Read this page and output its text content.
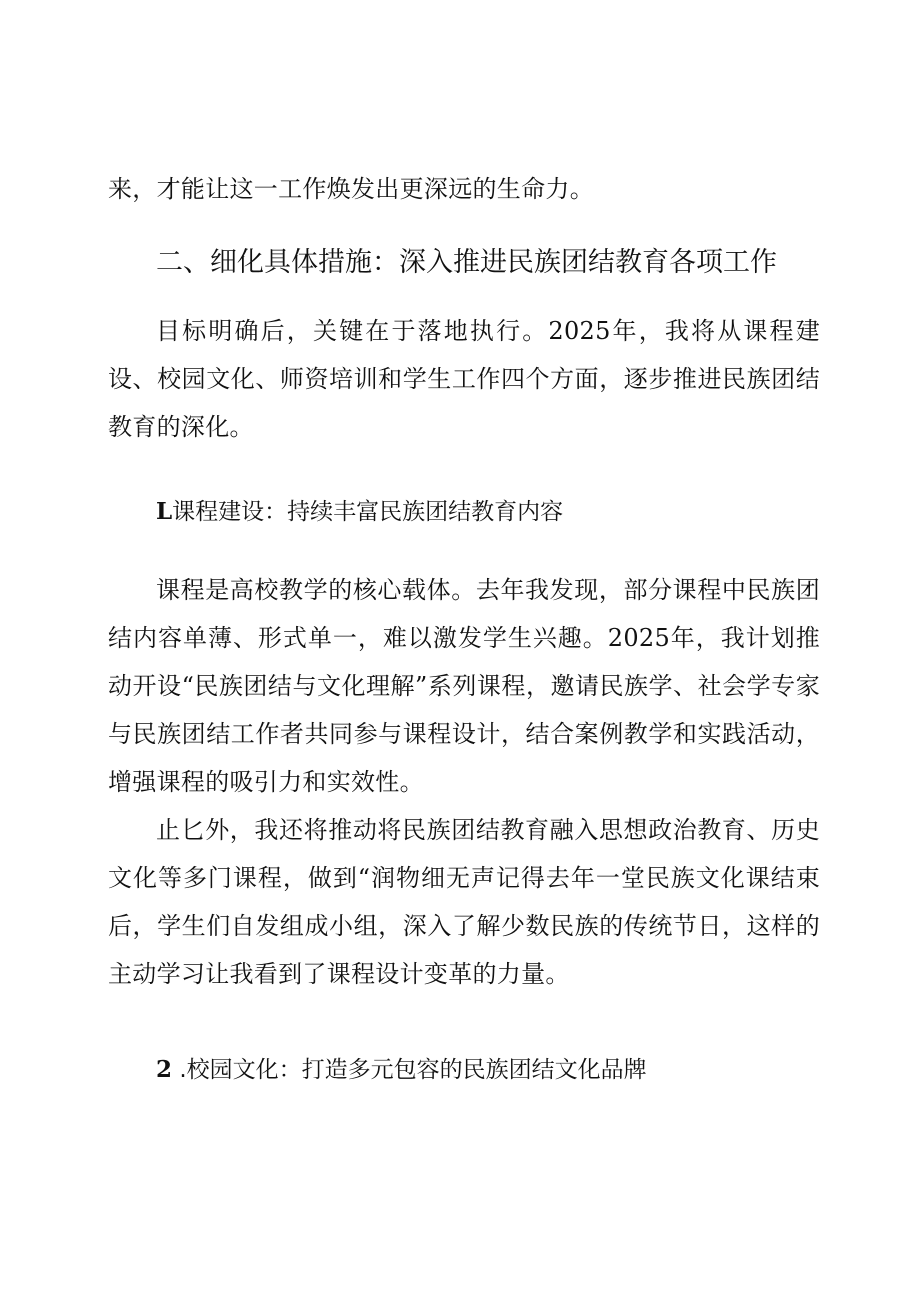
来，才能让这一工作焕发出更深远的生命力。

二、细化具体措施：深入推进民族团结教育各项工作

目标明确后，关键在于落地执行。2025年，我将从课程建设、校园文化、师资培训和学生工作四个方面，逐步推进民族团结教育的深化。

L课程建设：持续丰富民族团结教育内容

课程是高校教学的核心载体。去年我发现，部分课程中民族团结内容单薄、形式单一，难以激发学生兴趣。2025年，我计划推动开设“民族团结与文化理解”系列课程，邀请民族学、社会学专家与民族团结工作者共同参与课程设计，结合案例教学和实践活动，增强课程的吸引力和实效性。

止匕外，我还将推动将民族团结教育融入思想政治教育、历史文化等多门课程，做到“润物细无声记得去年一堂民族文化课结束后，学生们自发组成小组，深入了解少数民族的传统节日，这样的主动学习让我看到了课程设计变革的力量。

2 .校园文化：打造多元包容的民族团结文化品牌
